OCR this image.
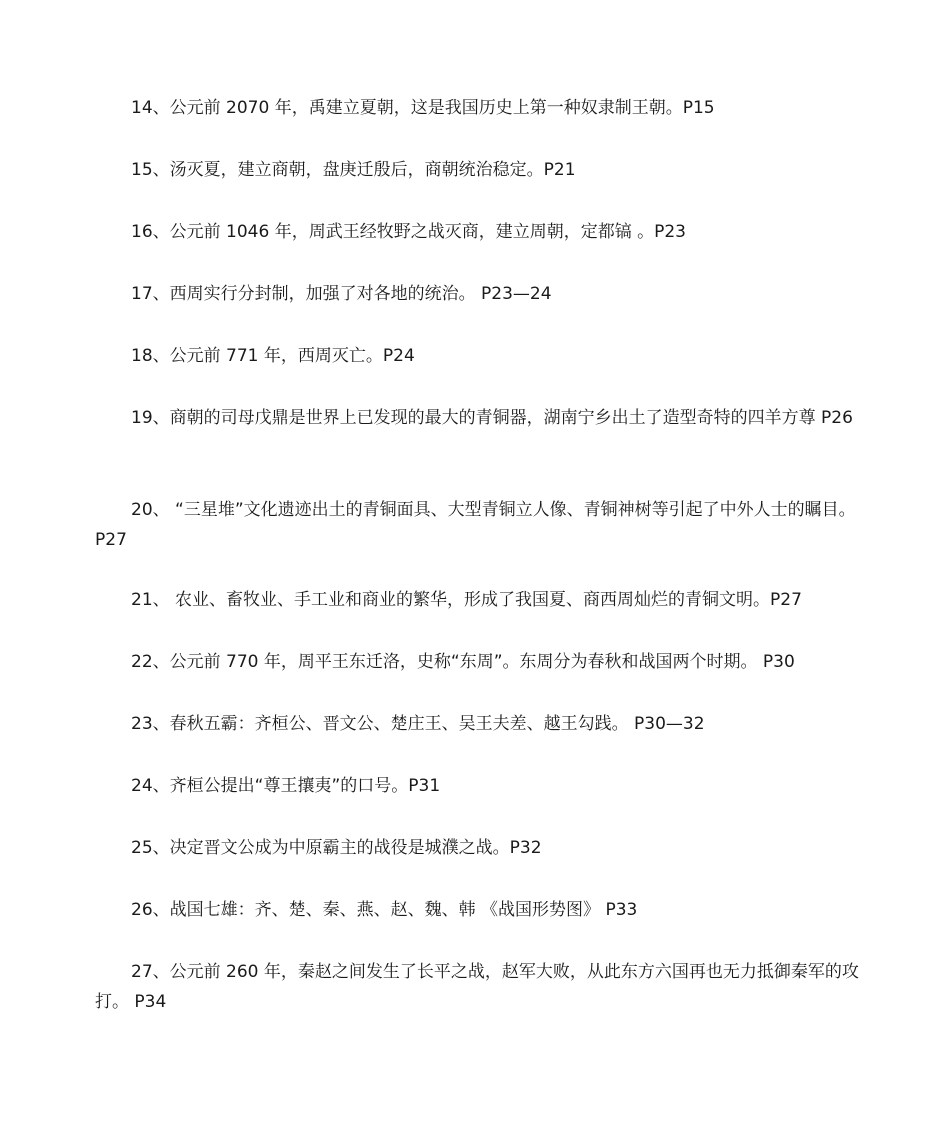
14、公元前 2070 年，禹建立夏朝，这是我国历史上第一种奴隶制王朝。P15

15、汤灭夏，建立商朝，盘庚迁殷后，商朝统治稳定。P21

16、公元前 1046 年，周武王经牧野之战灭商，建立周朝，定都镐 。P23

17、西周实行分封制，加强了对各地的统治。 P23—24

18、公元前 771 年，西周灭亡。P24

19、商朝的司母戊鼎是世界上已发现的最大的青铜器，湖南宁乡出土了造型奇特的四羊方尊 P26

20、 “三星堆”文化遗迹出土的青铜面具、大型青铜立人像、青铜神树等引起了中外人士的瞩目。 P27

21、 农业、畜牧业、手工业和商业的繁华，形成了我国夏、商西周灿烂的青铜文明。P27

22、公元前 770 年，周平王东迁洛，史称“东周”。东周分为春秋和战国两个时期。 P30

23、春秋五霸：齐桓公、晋文公、楚庄王、吴王夫差、越王勾践。 P30—32

24、齐桓公提出“尊王攘夷”的口号。P31

25、决定晋文公成为中原霸主的战役是城濮之战。P32

26、战国七雄：齐、楚、秦、燕、赵、魏、韩 《战国形势图》 P33

27、公元前 260 年，秦赵之间发生了长平之战，赵军大败，从此东方六国再也无力抵御秦军的攻打。 P34
